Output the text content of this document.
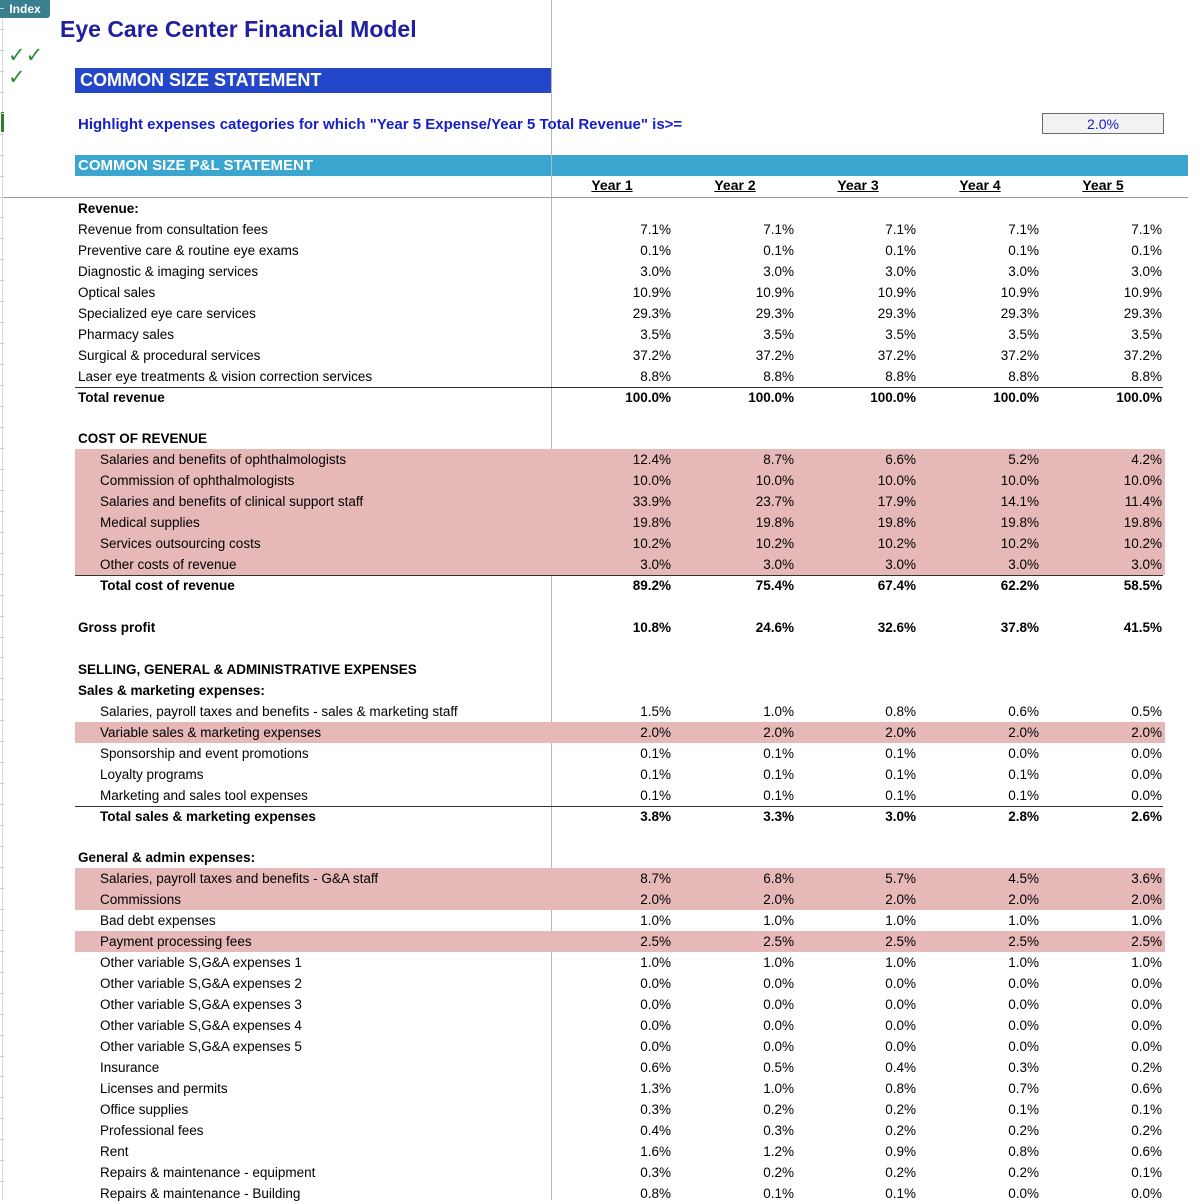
Index
Eye Care Center Financial Model
✓✓
✓	COMMON SIZE STATEMENT
Highlight expenses categories for which "Year 5 Expense/Year 5 Total Revenue" is>=	2.0%
COMMON SIZE P&L STATEMENT
Year 1	Year 2	Year 3	Year 4	Year 5
Revenue:
Revenue from consultation fees	7.1%	7.1%	7.1%	7.1%	7.1%
Preventive care & routine eye exams	0.1%	0.1%	0.1%	0.1%	0.1%
Diagnostic & imaging services	3.0%	3.0%	3.0%	3.0%	3.0%
Optical sales	10.9%	10.9%	10.9%	10.9%	10.9%
Specialized eye care services	29.3%	29.3%	29.3%	29.3%	29.3%
Pharmacy sales	3.5%	3.5%	3.5%	3.5%	3.5%
Surgical & procedural services	37.2%	37.2%	37.2%	37.2%	37.2%
Laser eye treatments & vision correction services	8.8%	8.8%	8.8%	8.8%	8.8%
Total revenue	100.0%	100.0%	100.0%	100.0%	100.0%
COST OF REVENUE
Salaries and benefits of ophthalmologists	12.4%	8.7%	6.6%	5.2%	4.2%
Commission of ophthalmologists	10.0%	10.0%	10.0%	10.0%	10.0%
Salaries and benefits of clinical support staff	33.9%	23.7%	17.9%	14.1%	11.4%
Medical supplies	19.8%	19.8%	19.8%	19.8%	19.8%
Services outsourcing costs	10.2%	10.2%	10.2%	10.2%	10.2%
Other costs of revenue	3.0%	3.0%	3.0%	3.0%	3.0%
Total cost of revenue	89.2%	75.4%	67.4%	62.2%	58.5%
Gross profit	10.8%	24.6%	32.6%	37.8%	41.5%
SELLING, GENERAL & ADMINISTRATIVE EXPENSES
Sales & marketing expenses:
Salaries, payroll taxes and benefits - sales & marketing staff	1.5%	1.0%	0.8%	0.6%	0.5%
Variable sales & marketing expenses	2.0%	2.0%	2.0%	2.0%	2.0%
Sponsorship and event promotions	0.1%	0.1%	0.1%	0.0%	0.0%
Loyalty programs	0.1%	0.1%	0.1%	0.1%	0.0%
Marketing and sales tool expenses	0.1%	0.1%	0.1%	0.1%	0.0%
Total sales & marketing expenses	3.8%	3.3%	3.0%	2.8%	2.6%
General & admin expenses:
Salaries, payroll taxes and benefits - G&A staff	8.7%	6.8%	5.7%	4.5%	3.6%
Commissions	2.0%	2.0%	2.0%	2.0%	2.0%
Bad debt expenses	1.0%	1.0%	1.0%	1.0%	1.0%
Payment processing fees	2.5%	2.5%	2.5%	2.5%	2.5%
Other variable S,G&A expenses 1	1.0%	1.0%	1.0%	1.0%	1.0%
Other variable S,G&A expenses 2	0.0%	0.0%	0.0%	0.0%	0.0%
Other variable S,G&A expenses 3	0.0%	0.0%	0.0%	0.0%	0.0%
Other variable S,G&A expenses 4	0.0%	0.0%	0.0%	0.0%	0.0%
Other variable S,G&A expenses 5	0.0%	0.0%	0.0%	0.0%	0.0%
Insurance	0.6%	0.5%	0.4%	0.3%	0.2%
Licenses and permits	1.3%	1.0%	0.8%	0.7%	0.6%
Office supplies	0.3%	0.2%	0.2%	0.1%	0.1%
Professional fees	0.4%	0.3%	0.2%	0.2%	0.2%
Rent	1.6%	1.2%	0.9%	0.8%	0.6%
Repairs & maintenance - equipment	0.3%	0.2%	0.2%	0.2%	0.1%
Repairs & maintenance - Building	0.8%	0.1%	0.1%	0.0%	0.0%
